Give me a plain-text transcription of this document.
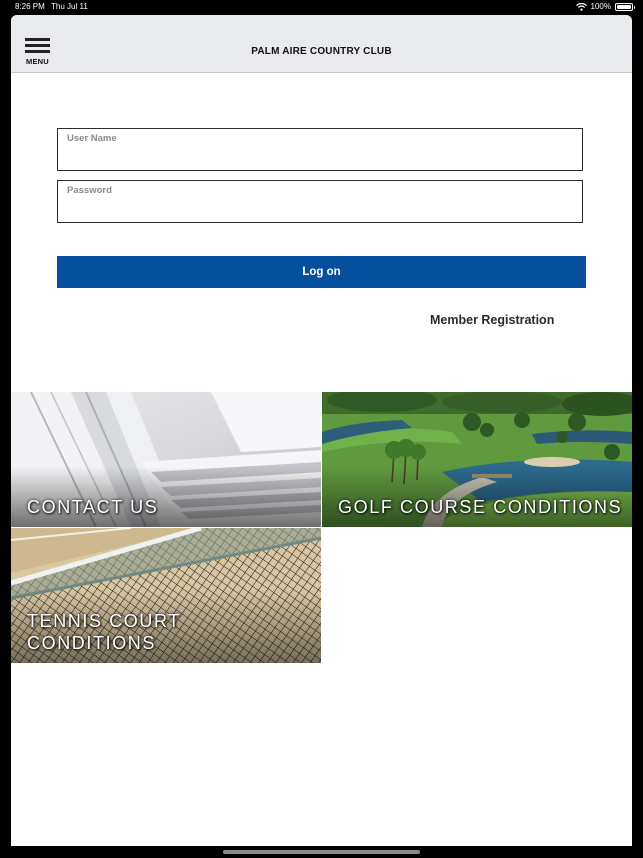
8:26 PM Thu Jul 11	100%
MENU
PALM AIRE COUNTRY CLUB
User Name
Password
Log on
Member Registration
CONTACT US	GOLF COURSE CONDITIONS
TENNIS COURT
CONDITIONS
